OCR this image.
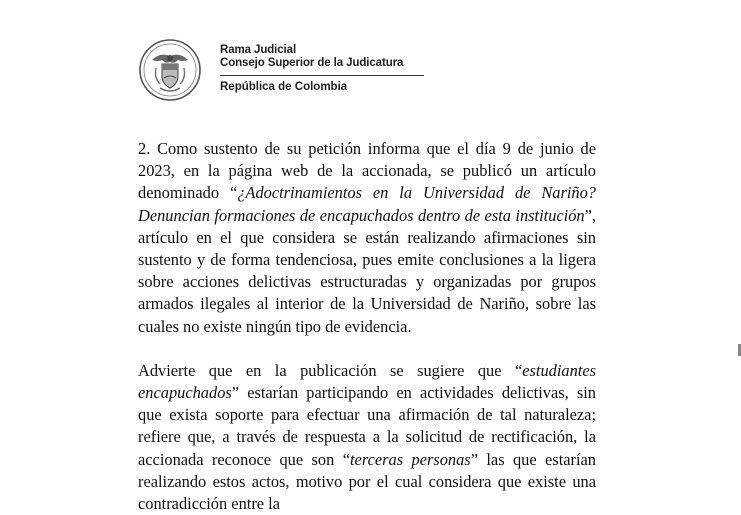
Rama Judicial
Consejo Superior de la Judicatura
República de Colombia

2. Como sustento de su petición informa que el día 9 de junio de 2023, en la página web de la accionada, se publicó un artículo denominado “¿Adoctrinamientos en la Universidad de Nariño? Denuncian formaciones de encapuchados dentro de esta institución”, artículo en el que considera se están realizando afirmaciones sin sustento y de forma tendenciosa, pues emite conclusiones a la ligera sobre acciones delictivas estructuradas y organizadas por grupos armados ilegales al interior de la Universidad de Nariño, sobre las cuales no existe ningún tipo de evidencia.

Advierte que en la publicación se sugiere que “estudiantes encapuchados” estarían participando en actividades delictivas, sin que exista soporte para efectuar una afirmación de tal naturaleza; refiere que, a través de respuesta a la solicitud de rectificación, la accionada reconoce que son “terceras personas” las que estarían realizando estos actos, motivo por el cual considera que existe una contradicción entre la
